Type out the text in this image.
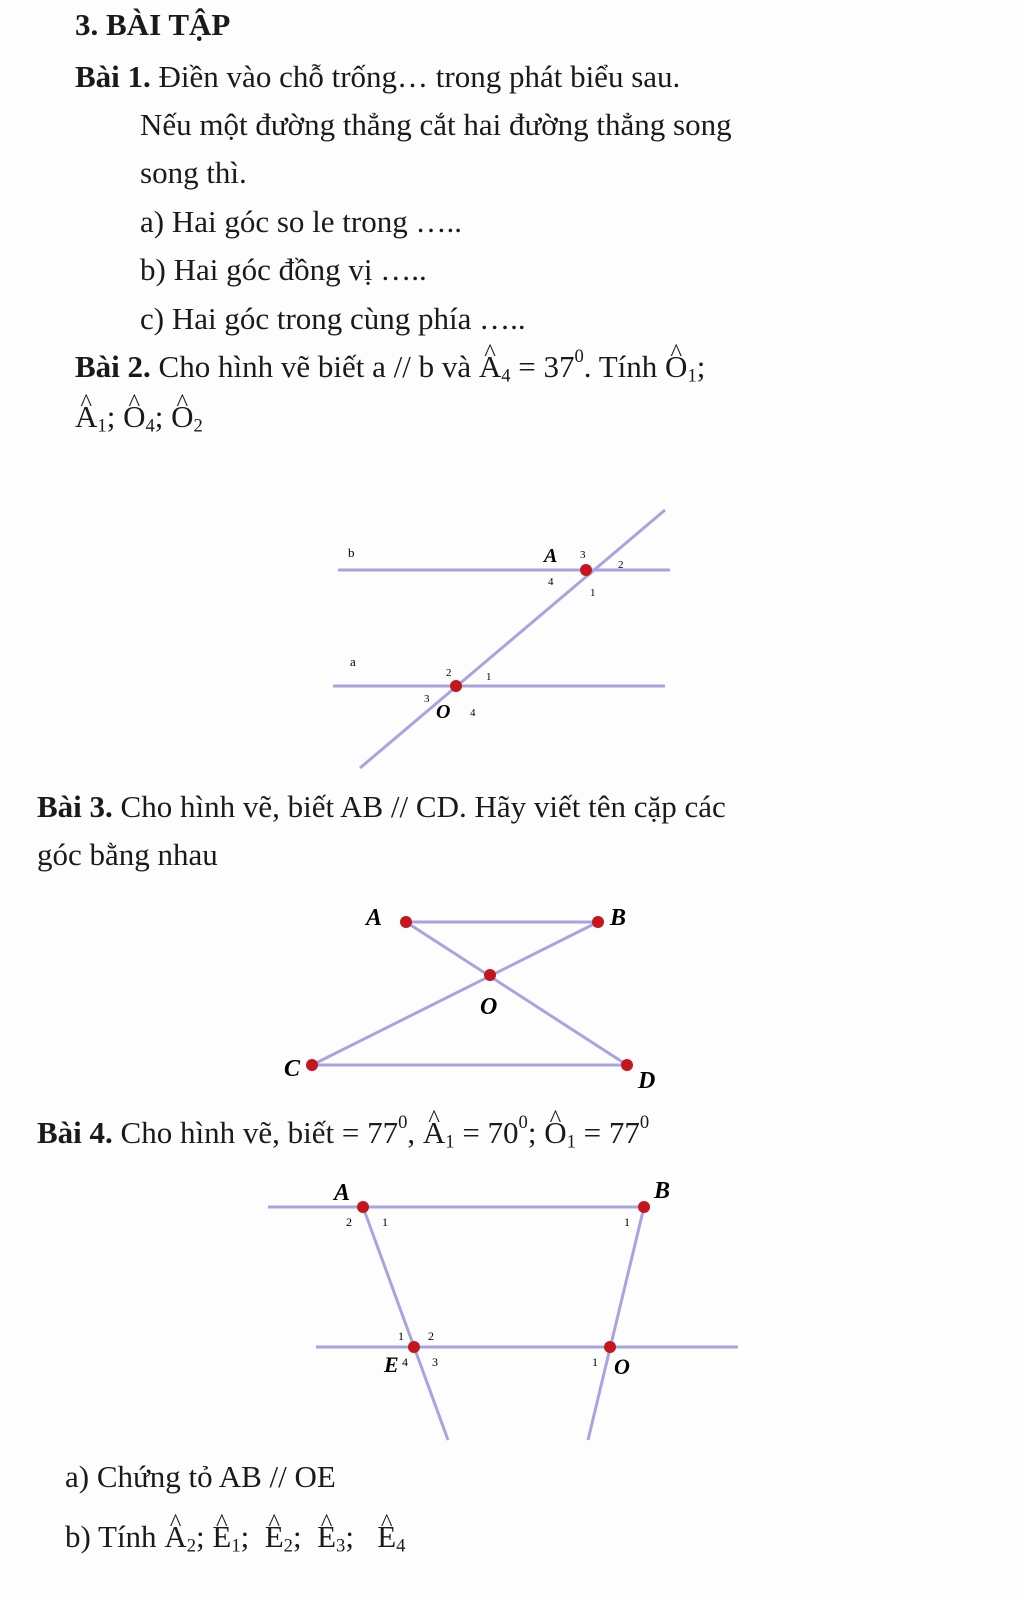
3. BÀI TẬP
Bài 1. Điền vào chỗ trống… trong phát biểu sau.
Nếu một đường thẳng cắt hai đường thẳng song
song thì.
a) Hai góc so le trong …..
b) Hai góc đồng vị …..
c) Hai góc trong cùng phía …..
Bài 2. Cho hình vẽ biết a // b và ^ $A_4 = 37^0$. Tính ^ $O_1$;
^ $A_1$; ^ $O_4$; ^ $O_2$
b
a
A
O
1
2
3
4
1
2
3
4
Bài 3. Cho hình vẽ, biết AB // CD. Hãy viết tên cặp các
góc bằng nhau
A	B
O
C	D
Bài 4. Cho hình vẽ, biết = $77^0$, ^ $A_1 = 70^0$; ^ $O_1 = 77^0$
A	B
E	O
1
2	1
1 2
3
4	1
a) Chứng tỏ AB // OE
b) Tính ^ $A_2$; ^ $E_1$;  ^ $E_2$;  ^ $E_3$;   ^ $E_4$
